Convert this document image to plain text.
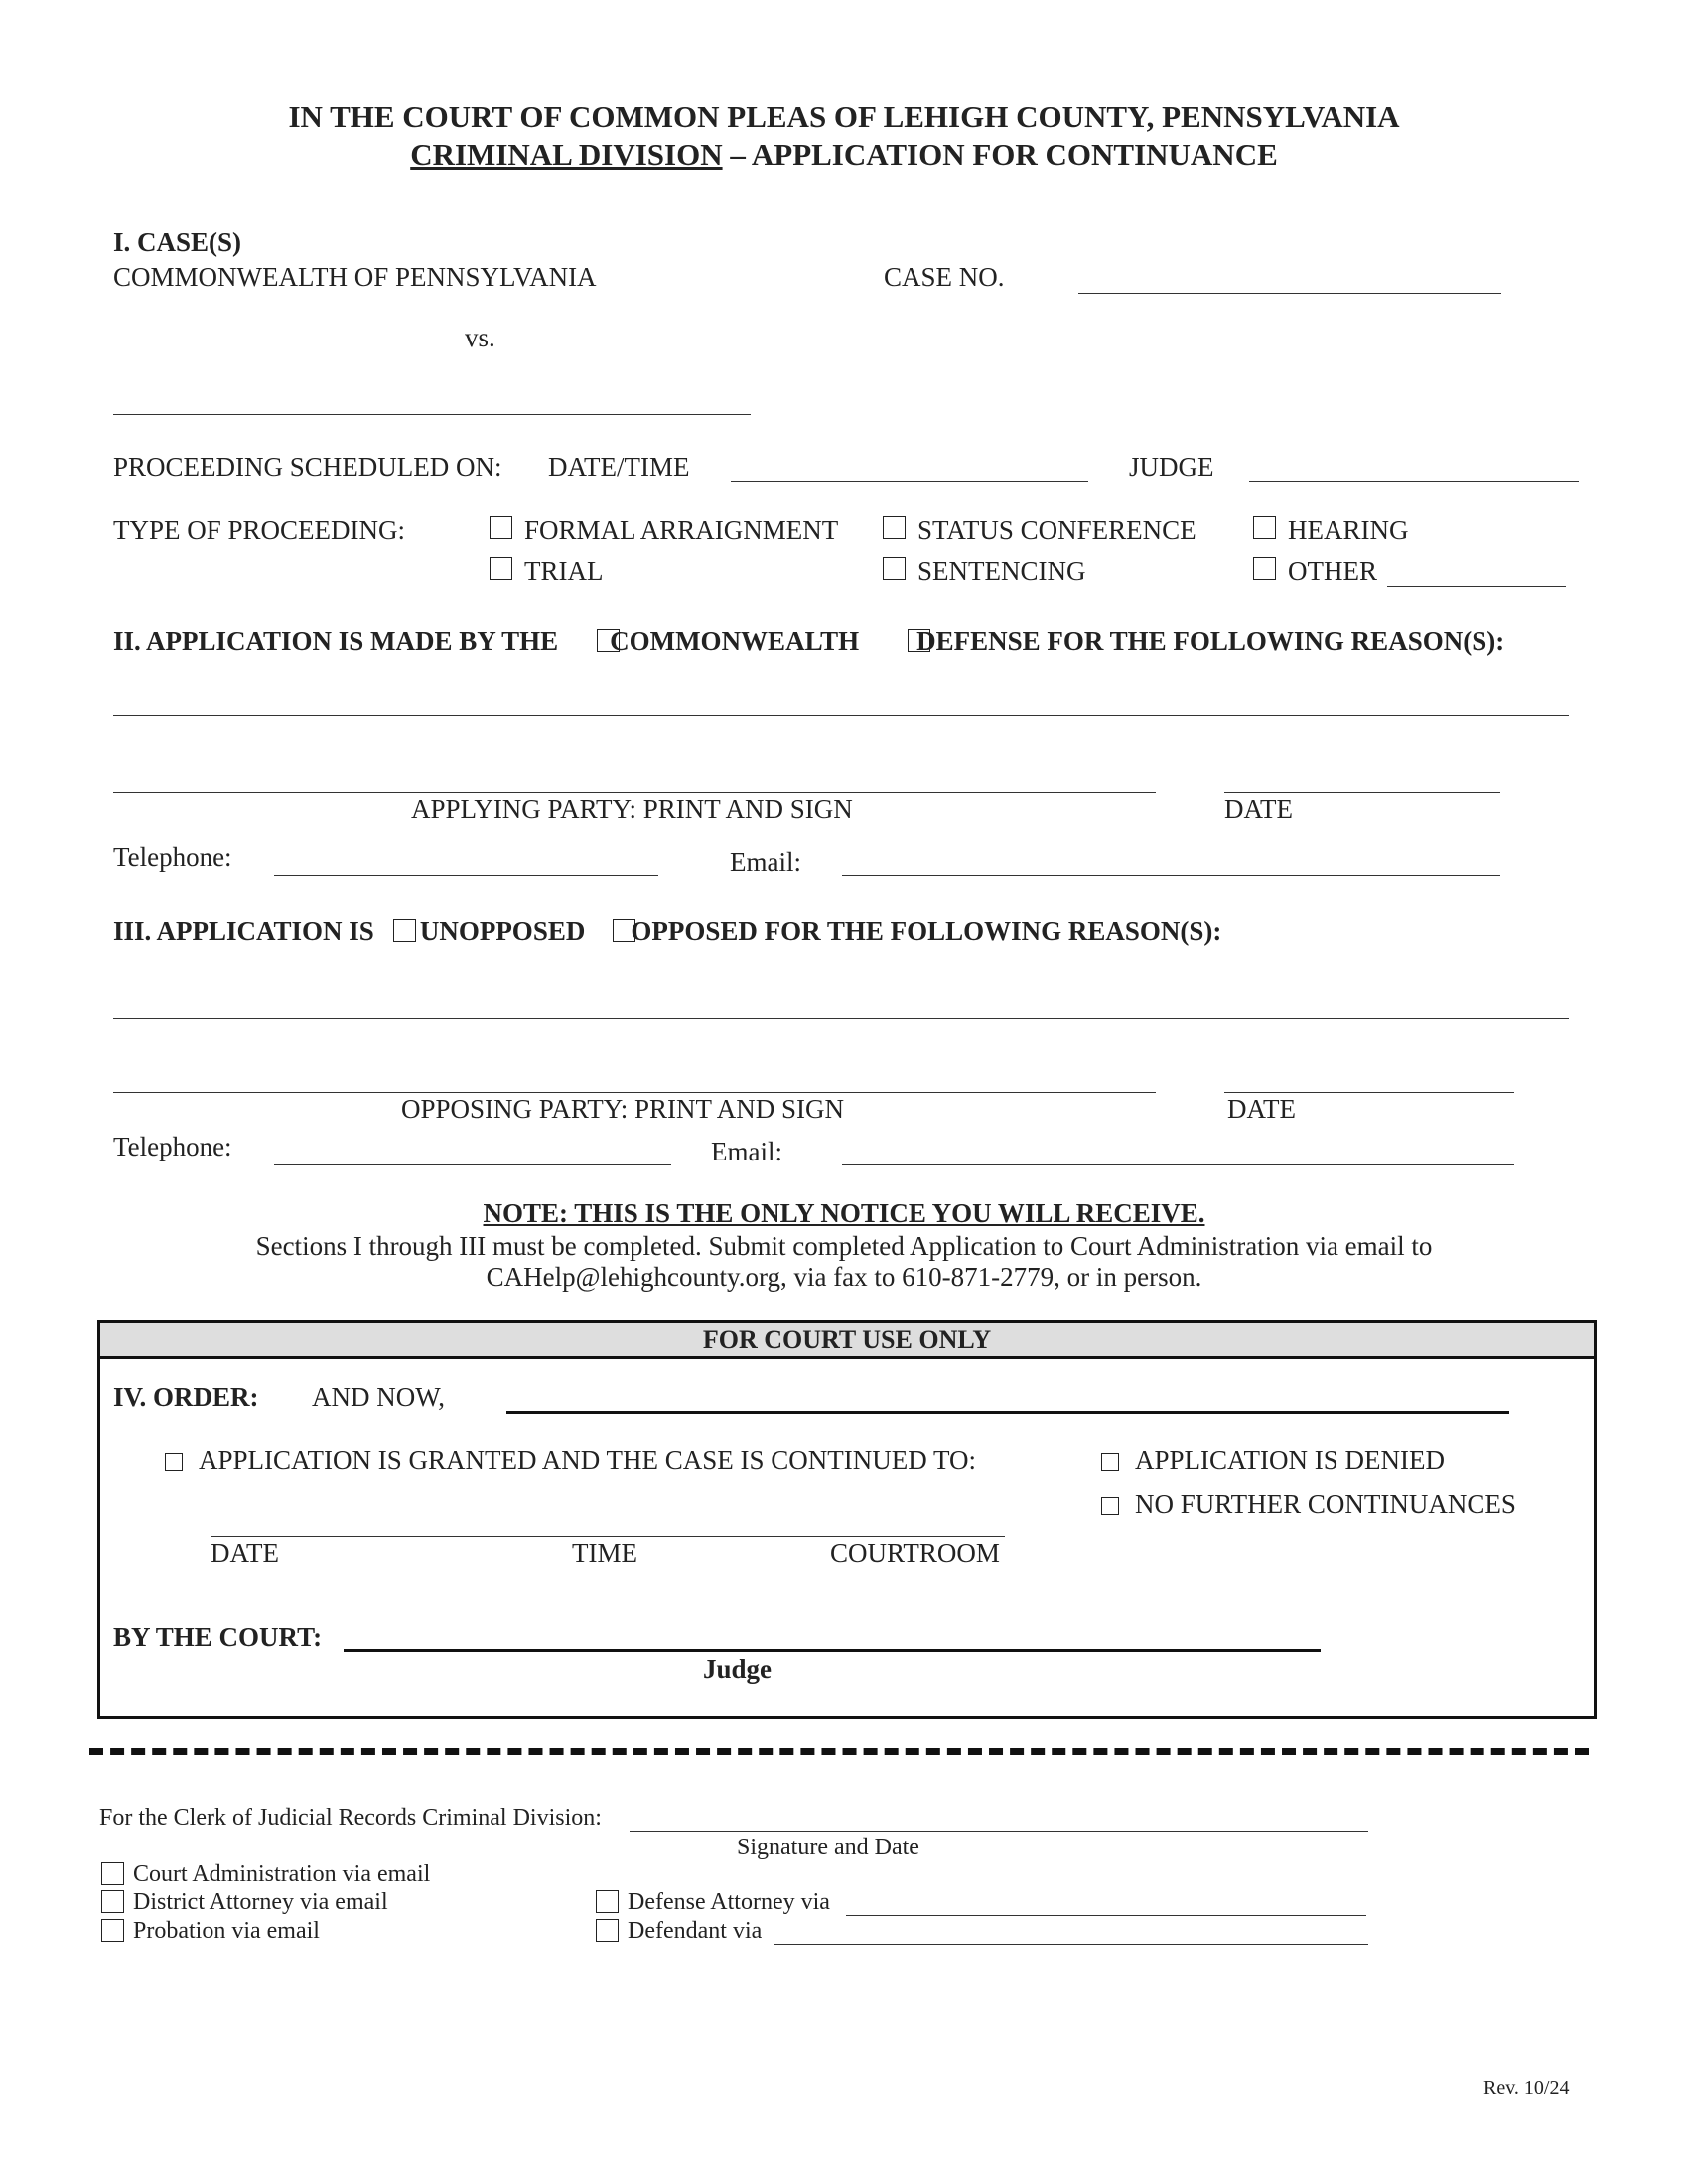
IN THE COURT OF COMMON PLEAS OF LEHIGH COUNTY, PENNSYLVANIA
CRIMINAL DIVISION – APPLICATION FOR CONTINUANCE
I. CASE(S)
COMMONWEALTH OF PENNSYLVANIA	CASE NO.
vs.
PROCEEDING SCHEDULED ON: DATE/TIME	JUDGE
TYPE OF PROCEEDING:	FORMAL ARRAIGNMENT	STATUS CONFERENCE	HEARING
TRIAL	SENTENCING	OTHER
II. APPLICATION IS MADE BY THE COMMONWEALTH DEFENSE FOR THE FOLLOWING REASON(S):
APPLYING PARTY: PRINT AND SIGN	DATE
Telephone:	Email:
III. APPLICATION IS UNOPPOSED OPPOSED FOR THE FOLLOWING REASON(S):
OPPOSING PARTY: PRINT AND SIGN	DATE
Telephone:	Email:
NOTE: THIS IS THE ONLY NOTICE YOU WILL RECEIVE.
Sections I through III must be completed. Submit completed Application to Court Administration via email to
CAHelp@lehighcounty.org, via fax to 610-871-2779, or in person.
FOR COURT USE ONLY
IV. ORDER: AND NOW,
APPLICATION IS GRANTED AND THE CASE IS CONTINUED TO:	APPLICATION IS DENIED
NO FURTHER CONTINUANCES
DATE	TIME	COURTROOM
BY THE COURT:
Judge
For the Clerk of Judicial Records Criminal Division:
Signature and Date
Court Administration via email
District Attorney via email
Probation via email
Defense Attorney via
Defendant via
Rev. 10/24
